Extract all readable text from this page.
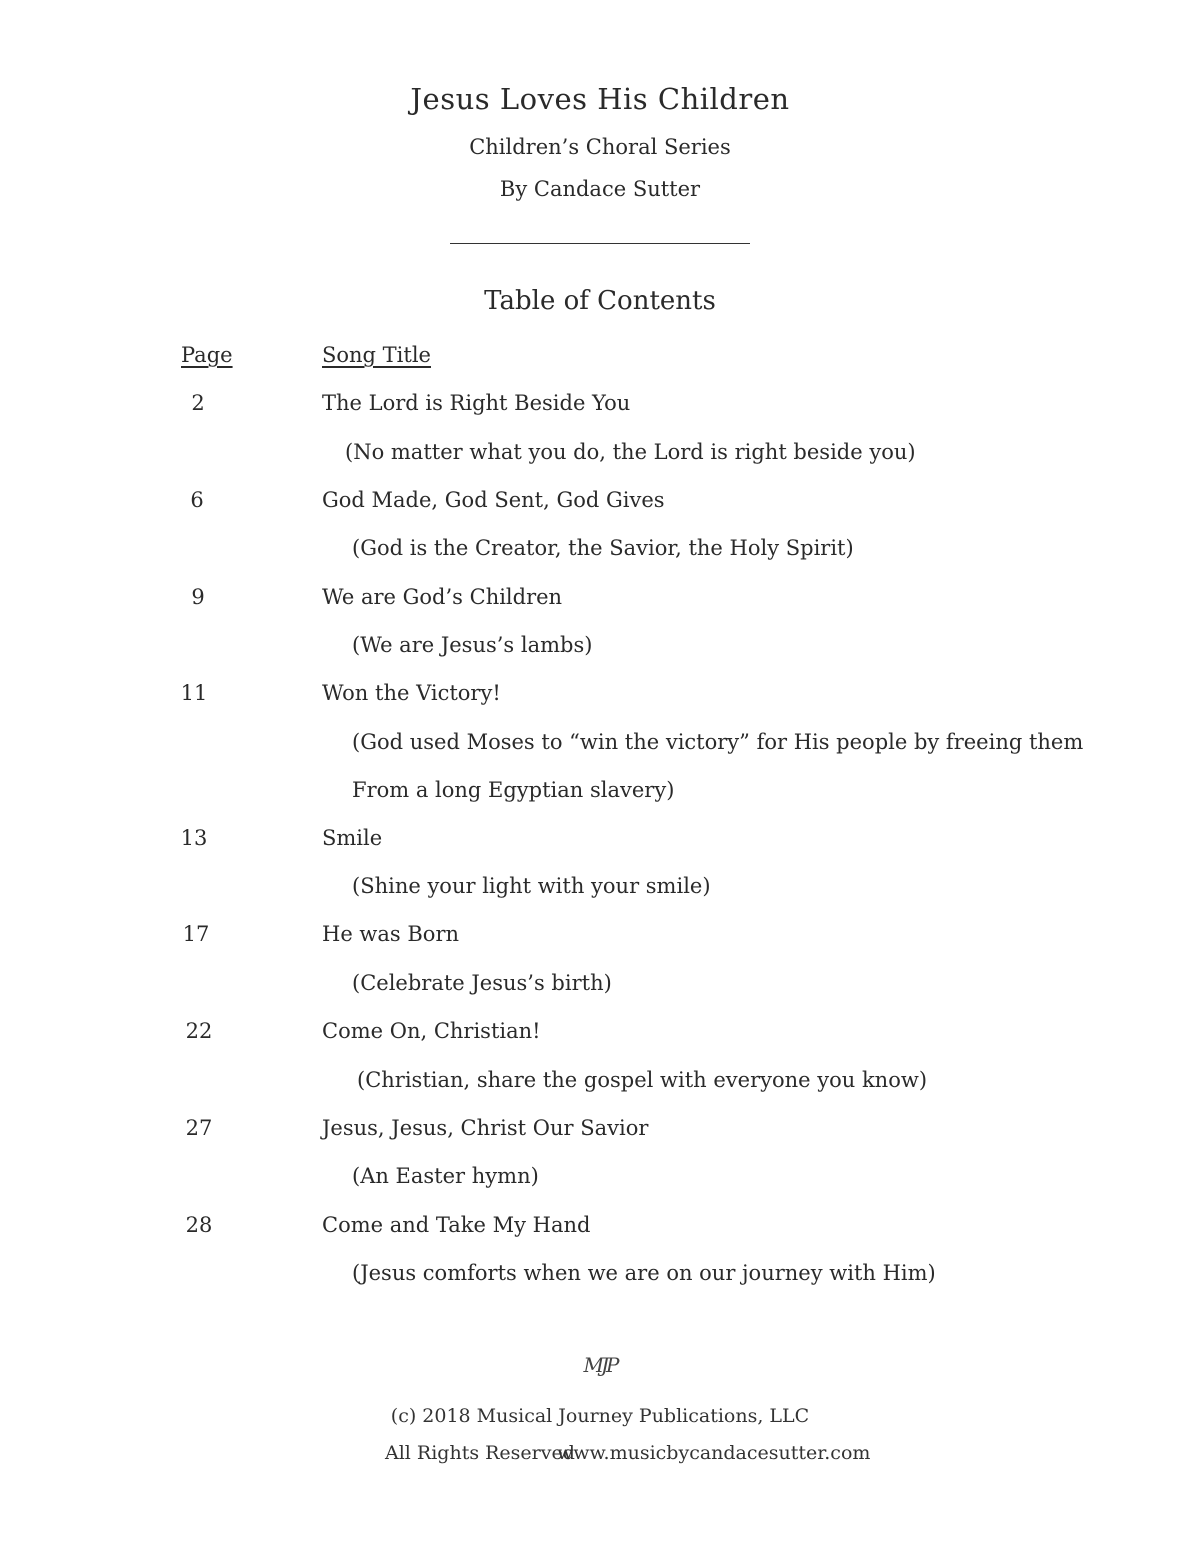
Jesus Loves His Children
Children’s Choral Series
By Candace Sutter
Table of Contents
Page	Song Title
2	The Lord is Right Beside You
(No matter what you do, the Lord is right beside you)
6	God Made, God Sent, God Gives
(God is the Creator, the Savior, the Holy Spirit)
9	We are God’s Children
(We are Jesus’s lambs)
11	Won the Victory!
(God used Moses to “win the victory” for His people by freeing them
From a long Egyptian slavery)
13	Smile
(Shine your light with your smile)
17	He was Born
(Celebrate Jesus’s birth)
22	Come On, Christian!
(Christian, share the gospel with everyone you know)
27	Jesus, Jesus, Christ Our Savior
(An Easter hymn)
28	Come and Take My Hand
(Jesus comforts when we are on our journey with Him)
MJP
(c) 2018 Musical Journey Publications, LLC
All Rights Reserved
www.musicbycandacesutter.com
